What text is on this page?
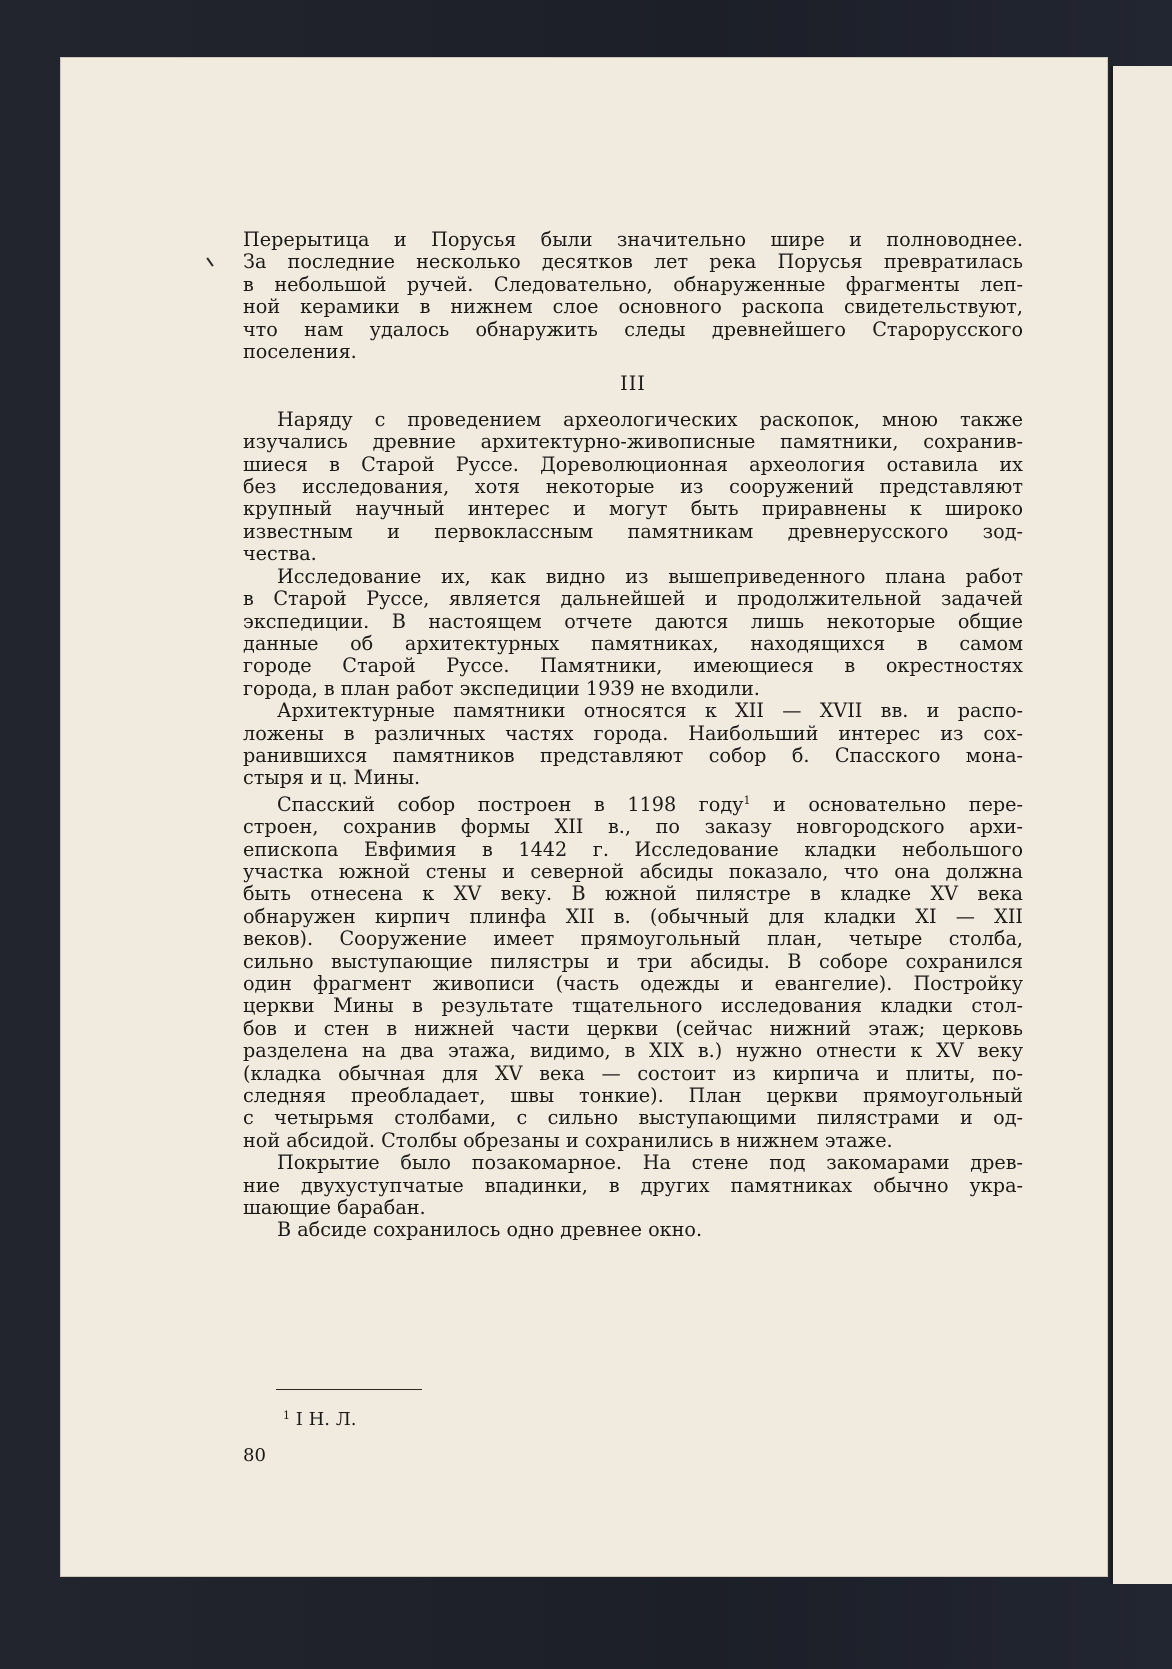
Перерытица и Порусья были значительно шире и полноводнее.
За последние несколько десятков лет река Порусья превратилась
в небольшой ручей. Следовательно, обнаруженные фрагменты леп-
ной керамики в нижнем слое основного раскопа свидетельствуют,
что нам удалось обнаружить следы древнейшего Старорусского
поселения.
III
Наряду с проведением археологических раскопок, мною также
изучались древние архитектурно-живописные памятники, сохранив-
шиеся в Старой Руссе. Дореволюционная археология оставила их
без исследования, хотя некоторые из сооружений представляют
крупный научный интерес и могут быть приравнены к широко
известным и первоклассным памятникам древнерусского зод-
чества.
Исследование их, как видно из вышеприведенного плана работ
в Старой Руссе, является дальнейшей и продолжительной задачей
экспедиции. В настоящем отчете даются лишь некоторые общие
данные об архитектурных памятниках, находящихся в самом
городе Старой Руссе. Памятники, имеющиеся в окрестностях
города, в план работ экспедиции 1939 не входили.
Архитектурные памятники относятся к XII — XVII вв. и распо-
ложены в различных частях города. Наибольший интерес из сох-
ранившихся памятников представляют собор б. Спасского мона-
стыря и ц. Мины.
Спасский собор построен в 1198 году$^1$ и основательно пере-
строен, сохранив формы XII в., по заказу новгородского архи-
епископа Евфимия в 1442 г. Исследование кладки небольшого
участка южной стены и северной абсиды показало, что она должна
быть отнесена к XV веку. В южной пилястре в кладке XV века
обнаружен кирпич плинфа XII в. (обычный для кладки XI — XII
веков). Сооружение имеет прямоугольный план, четыре столба,
сильно выступающие пилястры и три абсиды. В соборе сохранился
один фрагмент живописи (часть одежды и евангелие). Постройку
церкви Мины в результате тщательного исследования кладки стол-
бов и стен в нижней части церкви (сейчас нижний этаж; церковь
разделена на два этажа, видимо, в XIX в.) нужно отнести к XV веку
(кладка обычная для XV века — состоит из кирпича и плиты, по-
следняя преобладает, швы тонкие). План церкви прямоугольный
с четырьмя столбами, с сильно выступающими пилястрами и од-
ной абсидой. Столбы обрезаны и сохранились в нижнем этаже.
Покрытие было позакомарное. На стене под закомарами древ-
ние двухуступчатые впадинки, в других памятниках обычно укра-
шающие барабан.
В абсиде сохранилось одно древнее окно.
$^1$ І Н. Л.
80
